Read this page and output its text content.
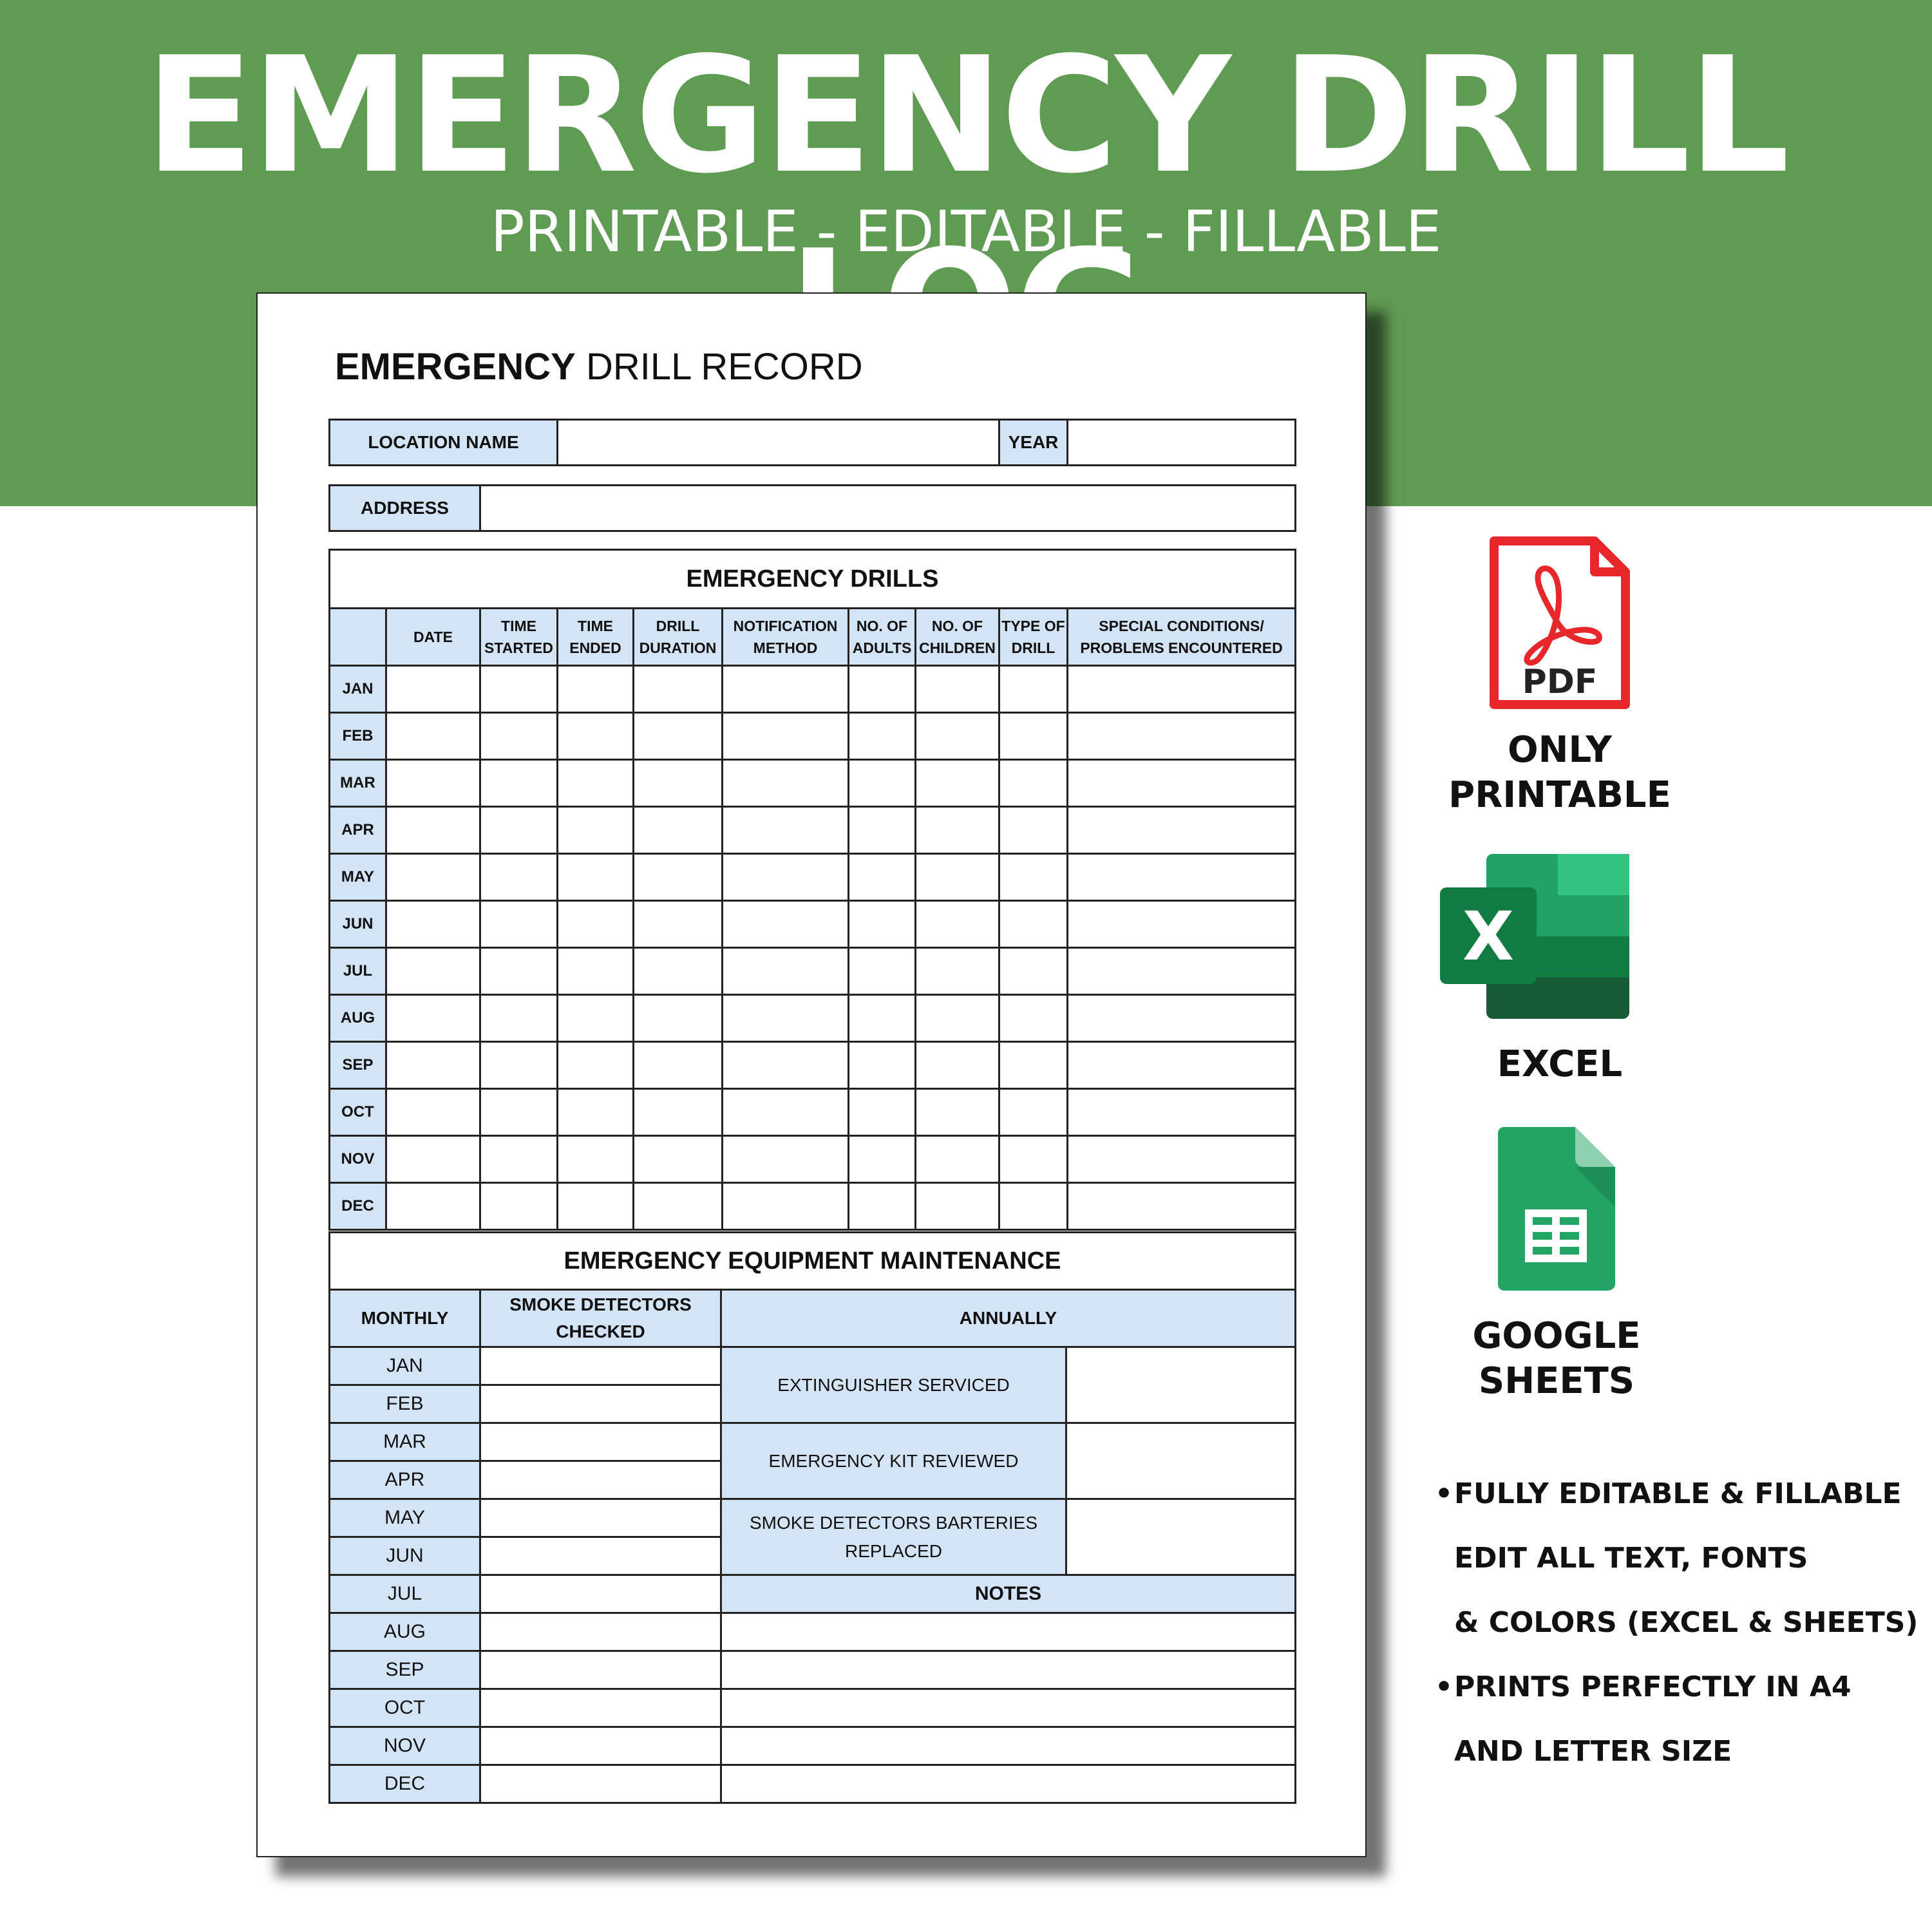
EMERGENCY DRILL
PRINTABLE - EDITABLE - FILLABLE
EMERGENCY DRILL RECORD
LOCATION NAME		YEAR	
ADDRESS	
EMERGENCY DRILLS									
	DATE	TIME STARTED	TIME ENDED	DRILL DURATION	NOTIFICATION METHOD	NO. OF ADULTS	NO. OF CHILDREN	TYPE OF DRILL	SPECIAL CONDITIONS/ PROBLEMS ENCOUNTERED
JAN									
FEB									
MAR									
APR									
MAY									
JUN									
JUL									
AUG									
SEP									
OCT									
NOV									
DEC									
EMERGENCY EQUIPMENT MAINTENANCE			
MONTHLY	SMOKE DETECTORS CHECKED	ANNUALLY	
JAN		EXTINGUISHER SERVICED	
FEB			
MAR		EMERGENCY KIT REVIEWED	
APR			
MAY		SMOKE DETECTORS BARTERIES REPLACED	
JUN			
JUL		NOTES	
AUG			
SEP			
OCT			
NOV			
DEC			
PDF
ONLY PRINTABLE
X
EXCEL
GOOGLE SHEETS
•FULLY EDITABLE & FILLABLE
EDIT ALL TEXT, FONTS
& COLORS (EXCEL & SHEETS)
•PRINTS PERFECTLY IN A4
AND LETTER SIZE
